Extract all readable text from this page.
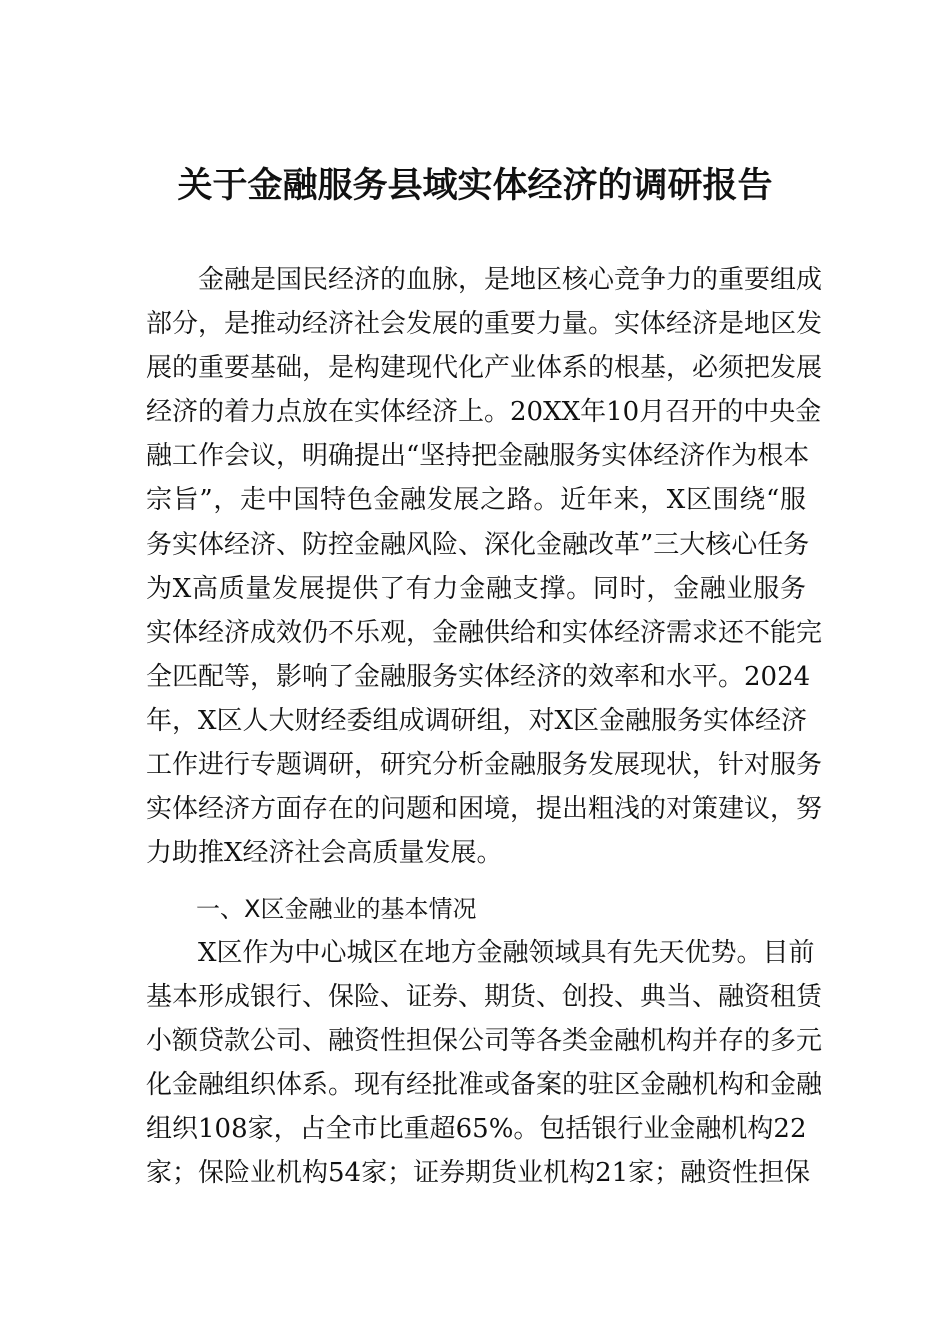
关于金融服务县域实体经济的调研报告
金融是国民经济的血脉，是地区核心竞争力的重要组成
部分，是推动经济社会发展的重要力量。实体经济是地区发
展的重要基础，是构建现代化产业体系的根基，必须把发展
经济的着力点放在实体经济上。20XX年10月召开的中央金
融工作会议，明确提出“坚持把金融服务实体经济作为根本
宗旨”，走中国特色金融发展之路。近年来，X区围绕“服
务实体经济、防控金融风险、深化金融改革”三大核心任务
为X高质量发展提供了有力金融支撑。同时，金融业服务
实体经济成效仍不乐观，金融供给和实体经济需求还不能完
全匹配等，影响了金融服务实体经济的效率和水平。2024
年，X区人大财经委组成调研组，对X区金融服务实体经济
工作进行专题调研，研究分析金融服务发展现状，针对服务
实体经济方面存在的问题和困境，提出粗浅的对策建议，努
力助推X经济社会高质量发展。
一、X区金融业的基本情况
X区作为中心城区在地方金融领域具有先天优势。目前
基本形成银行、保险、证券、期货、创投、典当、融资租赁
小额贷款公司、融资性担保公司等各类金融机构并存的多元
化金融组织体系。现有经批准或备案的驻区金融机构和金融
组织108家，占全市比重超65%。包括银行业金融机构22
家；保险业机构54家；证券期货业机构21家；融资性担保
